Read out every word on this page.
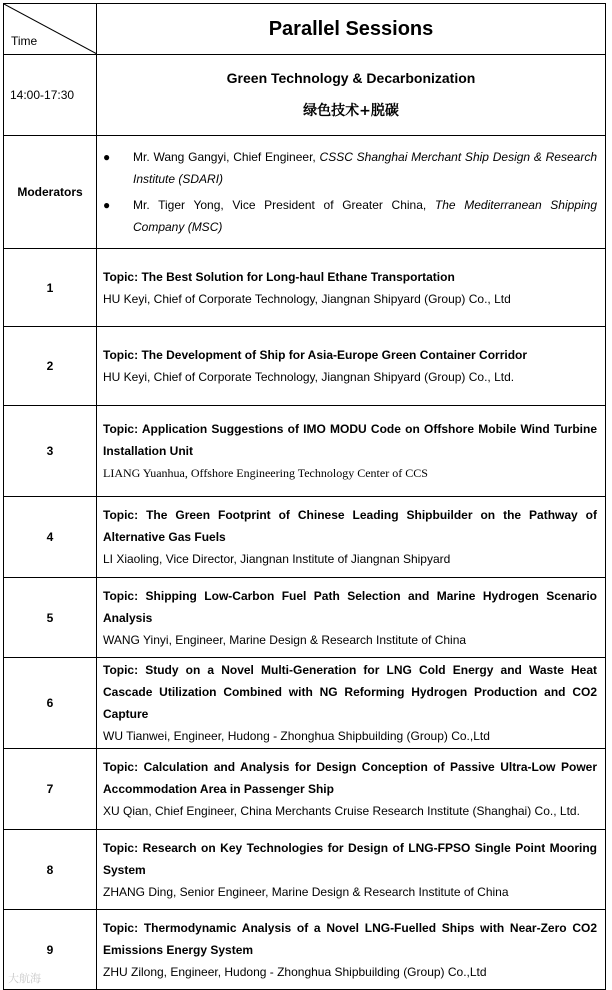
Time	Parallel Sessions
14:00-17:30	Green Technology & Decarbonization
绿色技术+脱碳

Moderators	● Mr. Wang Gangyi, Chief Engineer, CSSC Shanghai Merchant Ship Design & Research Institute (SDARI)
● Mr. Tiger Yong, Vice President of Greater China, The Mediterranean Shipping Company (MSC)

1	Topic: The Best Solution for Long-haul Ethane Transportation
HU Keyi, Chief of Corporate Technology, Jiangnan Shipyard (Group) Co., Ltd

2	Topic: The Development of Ship for Asia-Europe Green Container Corridor
HU Keyi, Chief of Corporate Technology, Jiangnan Shipyard (Group) Co., Ltd.

3	Topic: Application Suggestions of IMO MODU Code on Offshore Mobile Wind Turbine Installation Unit
LIANG Yuanhua, Offshore Engineering Technology Center of CCS

4	Topic: The Green Footprint of Chinese Leading Shipbuilder on the Pathway of Alternative Gas Fuels
LI Xiaoling, Vice Director, Jiangnan Institute of Jiangnan Shipyard

5	Topic: Shipping Low-Carbon Fuel Path Selection and Marine Hydrogen Scenario Analysis
WANG Yinyi, Engineer, Marine Design & Research Institute of China

6	Topic: Study on a Novel Multi-Generation for LNG Cold Energy and Waste Heat Cascade Utilization Combined with NG Reforming Hydrogen Production and CO2 Capture
WU Tianwei, Engineer, Hudong - Zhonghua Shipbuilding (Group) Co.,Ltd

7	Topic: Calculation and Analysis for Design Conception of Passive Ultra-Low Power Accommodation Area in Passenger Ship
XU Qian, Chief Engineer, China Merchants Cruise Research Institute (Shanghai) Co., Ltd.

8	Topic: Research on Key Technologies for Design of LNG-FPSO Single Point Mooring System
ZHANG Ding, Senior Engineer, Marine Design & Research Institute of China

9	Topic: Thermodynamic Analysis of a Novel LNG-Fuelled Ships with Near-Zero CO2 Emissions Energy System
ZHU Zilong, Engineer, Hudong - Zhonghua Shipbuilding (Group) Co.,Ltd
大航海
